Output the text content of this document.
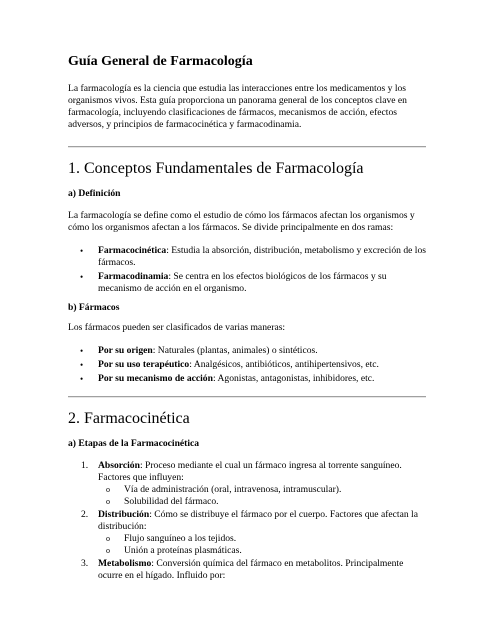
Guía General de Farmacología

La farmacología es la ciencia que estudia las interacciones entre los medicamentos y los organismos vivos. Esta guía proporciona un panorama general de los conceptos clave en farmacología, incluyendo clasificaciones de fármacos, mecanismos de acción, efectos adversos, y principios de farmacocinética y farmacodinamia.

1. Conceptos Fundamentales de Farmacología
a) Definición

La farmacología se define como el estudio de cómo los fármacos afectan los organismos y cómo los organismos afectan a los fármacos. Se divide principalmente en dos ramas:

• Farmacocinética: Estudia la absorción, distribución, metabolismo y excreción de los fármacos.
• Farmacodinamia: Se centra en los efectos biológicos de los fármacos y su mecanismo de acción en el organismo.
b) Fármacos

Los fármacos pueden ser clasificados de varias maneras:

• Por su origen: Naturales (plantas, animales) o sintéticos.
• Por su uso terapéutico: Analgésicos, antibióticos, antihipertensivos, etc.
• Por su mecanismo de acción: Agonistas, antagonistas, inhibidores, etc.
2. Farmacocinética
a) Etapas de la Farmacocinética
1. Absorción: Proceso mediante el cual un fármaco ingresa al torrente sanguíneo. Factores que influyen:
o Vía de administración (oral, intravenosa, intramuscular).
o Solubilidad del fármaco.
2. Distribución: Cómo se distribuye el fármaco por el cuerpo. Factores que afectan la distribución:
o Flujo sanguíneo a los tejidos.
o Unión a proteínas plasmáticas.
3. Metabolismo: Conversión química del fármaco en metabolitos. Principalmente ocurre en el hígado. Influido por:
